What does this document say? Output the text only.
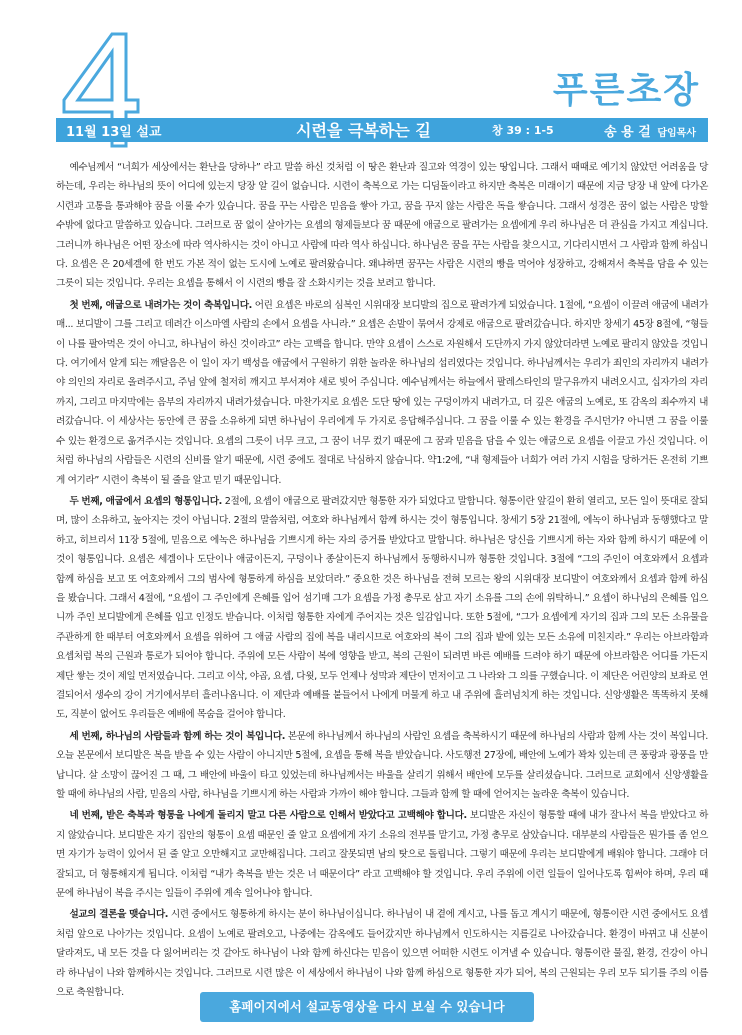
푸른초장
11월 13일 설교	시련을 극복하는 길	창 39 : 1-5	송 용 걸 담임목사

예수님께서 “너희가 세상에서는 환난을 당하나” 라고 말씀 하신 것처럼 이 땅은 환난과 질고와 역경이 있는 땅입니다. 그래서 때때로 예기치 않았던 어려움을 당하는데, 우리는 하나님의 뜻이 어디에 있는지 당장 알 길이 없습니다. 시련이 축복으로 가는 디딤돌이라고 하지만 축복은 미래이기 때문에 지금 당장 내 앞에 다가온 시련과 고통을 통과해야 꿈을 이룰 수가 있습니다. 꿈을 꾸는 사람은 믿음을 쌓아 가고, 꿈을 꾸지 않는 사람은 독을 쌓습니다. 그래서 성경은 꿈이 없는 사람은 망할 수밖에 없다고 말씀하고 있습니다. 그러므로 꿈 없이 살아가는 요셉의 형제들보다 꿈 때문에 애굽으로 팔려가는 요셉에게 우리 하나님은 더 관심을 가지고 계십니다. 그러니까 하나님은 어떤 장소에 따라 역사하시는 것이 아니고 사람에 따라 역사 하십니다. 하나님은 꿈을 꾸는 사람을 찾으시고, 기다리시면서 그 사람과 함께 하십니다. 요셉은 은 20세겔에 한 번도 가본 적이 없는 도시에 노예로 팔려왔습니다. 왜냐하면 꿈꾸는 사람은 시련의 빵을 먹어야 성장하고, 강해져서 축복을 담을 수 있는 그릇이 되는 것입니다. 우리는 요셉을 통해서 이 시련의 빵을 잘 소화시키는 것을 보려고 합니다.

첫 번째, 애굽으로 내려가는 것이 축복입니다. 어린 요셉은 바로의 심복인 시위대장 보디발의 집으로 팔려가게 되었습니다. 1절에, “요셉이 이끌려 애굽에 내려가매... 보디발이 그를 그리고 데려간 이스마엘 사람의 손에서 요셉을 사니라.” 요셉은 손발이 묶여서 강제로 애굽으로 팔려갔습니다. 하지만 창세기 45장 8절에, “형들이 나를 팔아먹은 것이 아니고, 하나님이 하신 것이라고” 라는 고백을 합니다. 만약 요셉이 스스로 자원해서 도단까지 가지 않았더라면 노예로 팔리지 않았을 것입니다. 여기에서 알게 되는 깨달음은 이 일이 자기 백성을 애굽에서 구원하기 위한 놀라운 하나님의 섭리였다는 것입니다. 하나님께서는 우리가 죄인의 자리까지 내려가야 의인의 자리로 올려주시고, 주님 앞에 철저히 깨지고 부서져야 새로 빚어 주십니다. 예수님께서는 하늘에서 팔레스타인의 말구유까지 내려오시고, 십자가의 자리까지, 그리고 마지막에는 음부의 자리까지 내려가셨습니다. 마찬가지로 요셉은 도단 땅에 있는 구덩이까지 내려가고, 더 깊은 애굽의 노예로, 또 감옥의 죄수까지 내려갔습니다. 이 세상사는 동안에 큰 꿈을 소유하게 되면 하나님이 우리에게 두 가지로 응답해주십니다. 그 꿈을 이룰 수 있는 환경을 주시던가? 아니면 그 꿈을 이룰 수 있는 환경으로 옮겨주시는 것입니다. 요셉의 그릇이 너무 크고, 그 꿈이 너무 컸기 때문에 그 꿈과 믿음을 담을 수 있는 애굽으로 요셉을 이끌고 가신 것입니다. 이처럼 하나님의 사람들은 시련의 신비를 알기 때문에, 시련 중에도 절대로 낙심하지 않습니다. 약1:2에, “내 형제들아 너희가 여러 가지 시험을 당하거든 온전히 기쁘게 여기라” 시련이 축복이 될 줄을 알고 믿기 때문입니다.

두 번째, 애굽에서 요셉의 형통입니다. 2절에, 요셉이 애굽으로 팔려갔지만 형통한 자가 되었다고 말합니다. 형통이란 앞길이 환히 열리고, 모든 일이 뜻대로 잘되며, 많이 소유하고, 높아지는 것이 아닙니다. 2절의 말씀처럼, 여호와 하나님께서 함께 하시는 것이 형통입니다. 창세기 5장 21절에, 에녹이 하나님과 동행했다고 말하고, 히브리서 11장 5절에, 믿음으로 에녹은 하나님을 기쁘시게 하는 자의 증거를 받았다고 말합니다. 하나님은 당신을 기쁘시게 하는 자와 함께 하시기 때문에 이것이 형통입니다. 요셉은 세겜이나 도단이나 애굽이든지, 구덩이나 종살이든지 하나님께서 동행하시니까 형통한 것입니다. 3절에 “그의 주인이 여호와께서 요셉과 함께 하심을 보고 또 여호와께서 그의 범사에 형통하게 하심을 보았더라.” 중요한 것은 하나님을 전혀 모르는 왕의 시위대장 보디발이 여호와께서 요셉과 함께 하심을 봤습니다. 그래서 4절에, “요셉이 그 주인에게 은혜를 입어 섬기매 그가 요셉을 가정 총무로 삼고 자기 소유를 그의 손에 위탁하니.” 요셉이 하나님의 은혜를 입으니까 주인 보디발에게 은혜를 입고 인정도 받습니다. 이처럼 형통한 자에게 주어지는 것은 일감입니다. 또한 5절에, “그가 요셉에게 자기의 집과 그의 모든 소유물을 주관하게 한 때부터 여호와께서 요셉을 위하여 그 애굽 사람의 집에 복을 내리시므로 여호와의 복이 그의 집과 밭에 있는 모든 소유에 미친지라.” 우리는 아브라함과 요셉처럼 복의 근원과 통로가 되어야 합니다. 주위에 모든 사람이 복에 영향을 받고, 복의 근원이 되려면 바른 예배를 드려야 하기 때문에 아브라함은 어디를 가든지 제단 쌓는 것이 제일 먼저였습니다. 그리고 이삭, 야곱, 요셉, 다윗, 모두 언제나 성막과 제단이 먼저이고 그 나라와 그 의를 구했습니다. 이 제단은 어린양의 보좌로 연결되어서 생수의 강이 거기에서부터 흘러나옵니다. 이 제단과 예배를 붙들어서 나에게 머물게 하고 내 주위에 흘러넘치게 하는 것입니다. 신앙생활은 똑똑하지 못해도, 직분이 없어도 우리들은 예배에 목숨을 걸어야 합니다.

세 번째, 하나님의 사람들과 함께 하는 것이 복입니다. 본문에 하나님께서 하나님의 사람인 요셉을 축복하시기 때문에 하나님의 사람과 함께 사는 것이 복입니다. 오늘 본문에서 보디발은 복을 받을 수 있는 사람이 아니지만 5절에, 요셉을 통해 복을 받았습니다. 사도행전 27장에, 배안에 노예가 꽉차 있는데 큰 풍랑과 광풍을 만납니다. 살 소망이 끊어진 그 때, 그 배안에 바울이 타고 있었는데 하나님께서는 바울을 살리기 위해서 배안에 모두를 살리셨습니다. 그러므로 교회에서 신앙생활을 할 때에 하나님의 사람, 믿음의 사람, 하나님을 기쁘시게 하는 사람과 가까이 해야 합니다. 그들과 함께 할 때에 얻어지는 놀라운 축복이 있습니다.

네 번째, 받은 축복과 형통을 나에게 돌리지 말고 다른 사람으로 인해서 받았다고 고백해야 합니다. 보디발은 자신이 형통할 때에 내가 잘나서 복을 받았다고 하지 않았습니다. 보디발은 자기 집안의 형통이 요셉 때문인 줄 알고 요셉에게 자기 소유의 전부를 맡기고, 가정 총무로 삼았습니다. 대부분의 사람들은 뭔가를 좀 얻으면 자기가 능력이 있어서 된 줄 알고 오만해지고 교만해집니다. 그리고 잘못되면 남의 탓으로 돌립니다. 그렇기 때문에 우리는 보디발에게 배워야 합니다. 그래야 더 잘되고, 더 형통해지게 됩니다. 이처럼 “내가 축복을 받는 것은 너 때문이다” 라고 고백해야 할 것입니다. 우리 주위에 이런 일들이 일어나도록 힘써야 하며, 우리 때문에 하나님이 복을 주시는 일들이 주위에 계속 일어나야 합니다.

설교의 결론을 맺습니다. 시련 중에서도 형통하게 하시는 분이 하나님이십니다. 하나님이 내 곁에 계시고, 나를 돕고 계시기 때문에, 형통이란 시련 중에서도 요셉처럼 앞으로 나아가는 것입니다. 요셉이 노예로 팔려오고, 나중에는 감옥에도 들어갔지만 하나님께서 인도하시는 지름길로 나아갔습니다. 환경이 바뀌고 내 신분이 달라져도, 내 모든 것을 다 잃어버리는 것 같아도 하나님이 나와 함께 하신다는 믿음이 있으면 어떠한 시련도 이겨낼 수 있습니다. 형통이란 물질, 환경, 건강이 아니라 하나님이 나와 함께하시는 것입니다. 그러므로 시련 많은 이 세상에서 하나님이 나와 함께 하심으로 형통한 자가 되어, 복의 근원되는 우리 모두 되기를 주의 이름으로 축원합니다.

홈페이지에서 설교동영상을 다시 보실 수 있습니다
